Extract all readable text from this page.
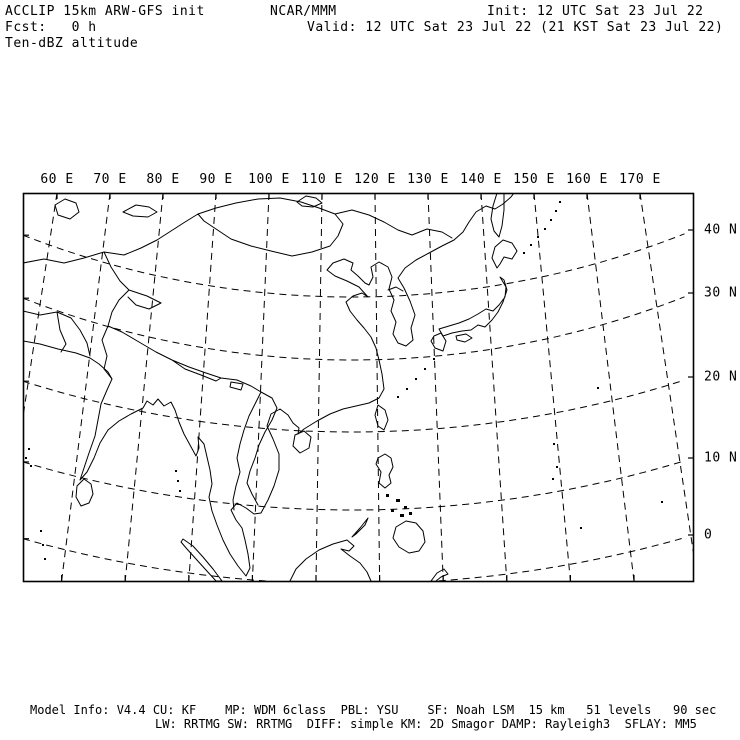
ACCLIP 15km ARW-GFS init	NCAR/MMM	Init: 12 UTC Sat 23 Jul 22
Fcst:   0 h	Valid: 12 UTC Sat 23 Jul 22 (21 KST Sat 23 Jul 22)
Ten-dBZ altitude
60 E 70 E 80 E 90 E 100 E 110 E 120 E 130 E 140 E 150 E 160 E 170 E
40 N
30 N
20 N
10 N
0
Model Info: V4.4 CU: KF    MP: WDM 6class  PBL: YSU    SF: Noah LSM  15 km   51 levels   90 sec
LW: RRTMG SW: RRTMG  DIFF: simple KM: 2D Smagor DAMP: Rayleigh3  SFLAY: MM5
